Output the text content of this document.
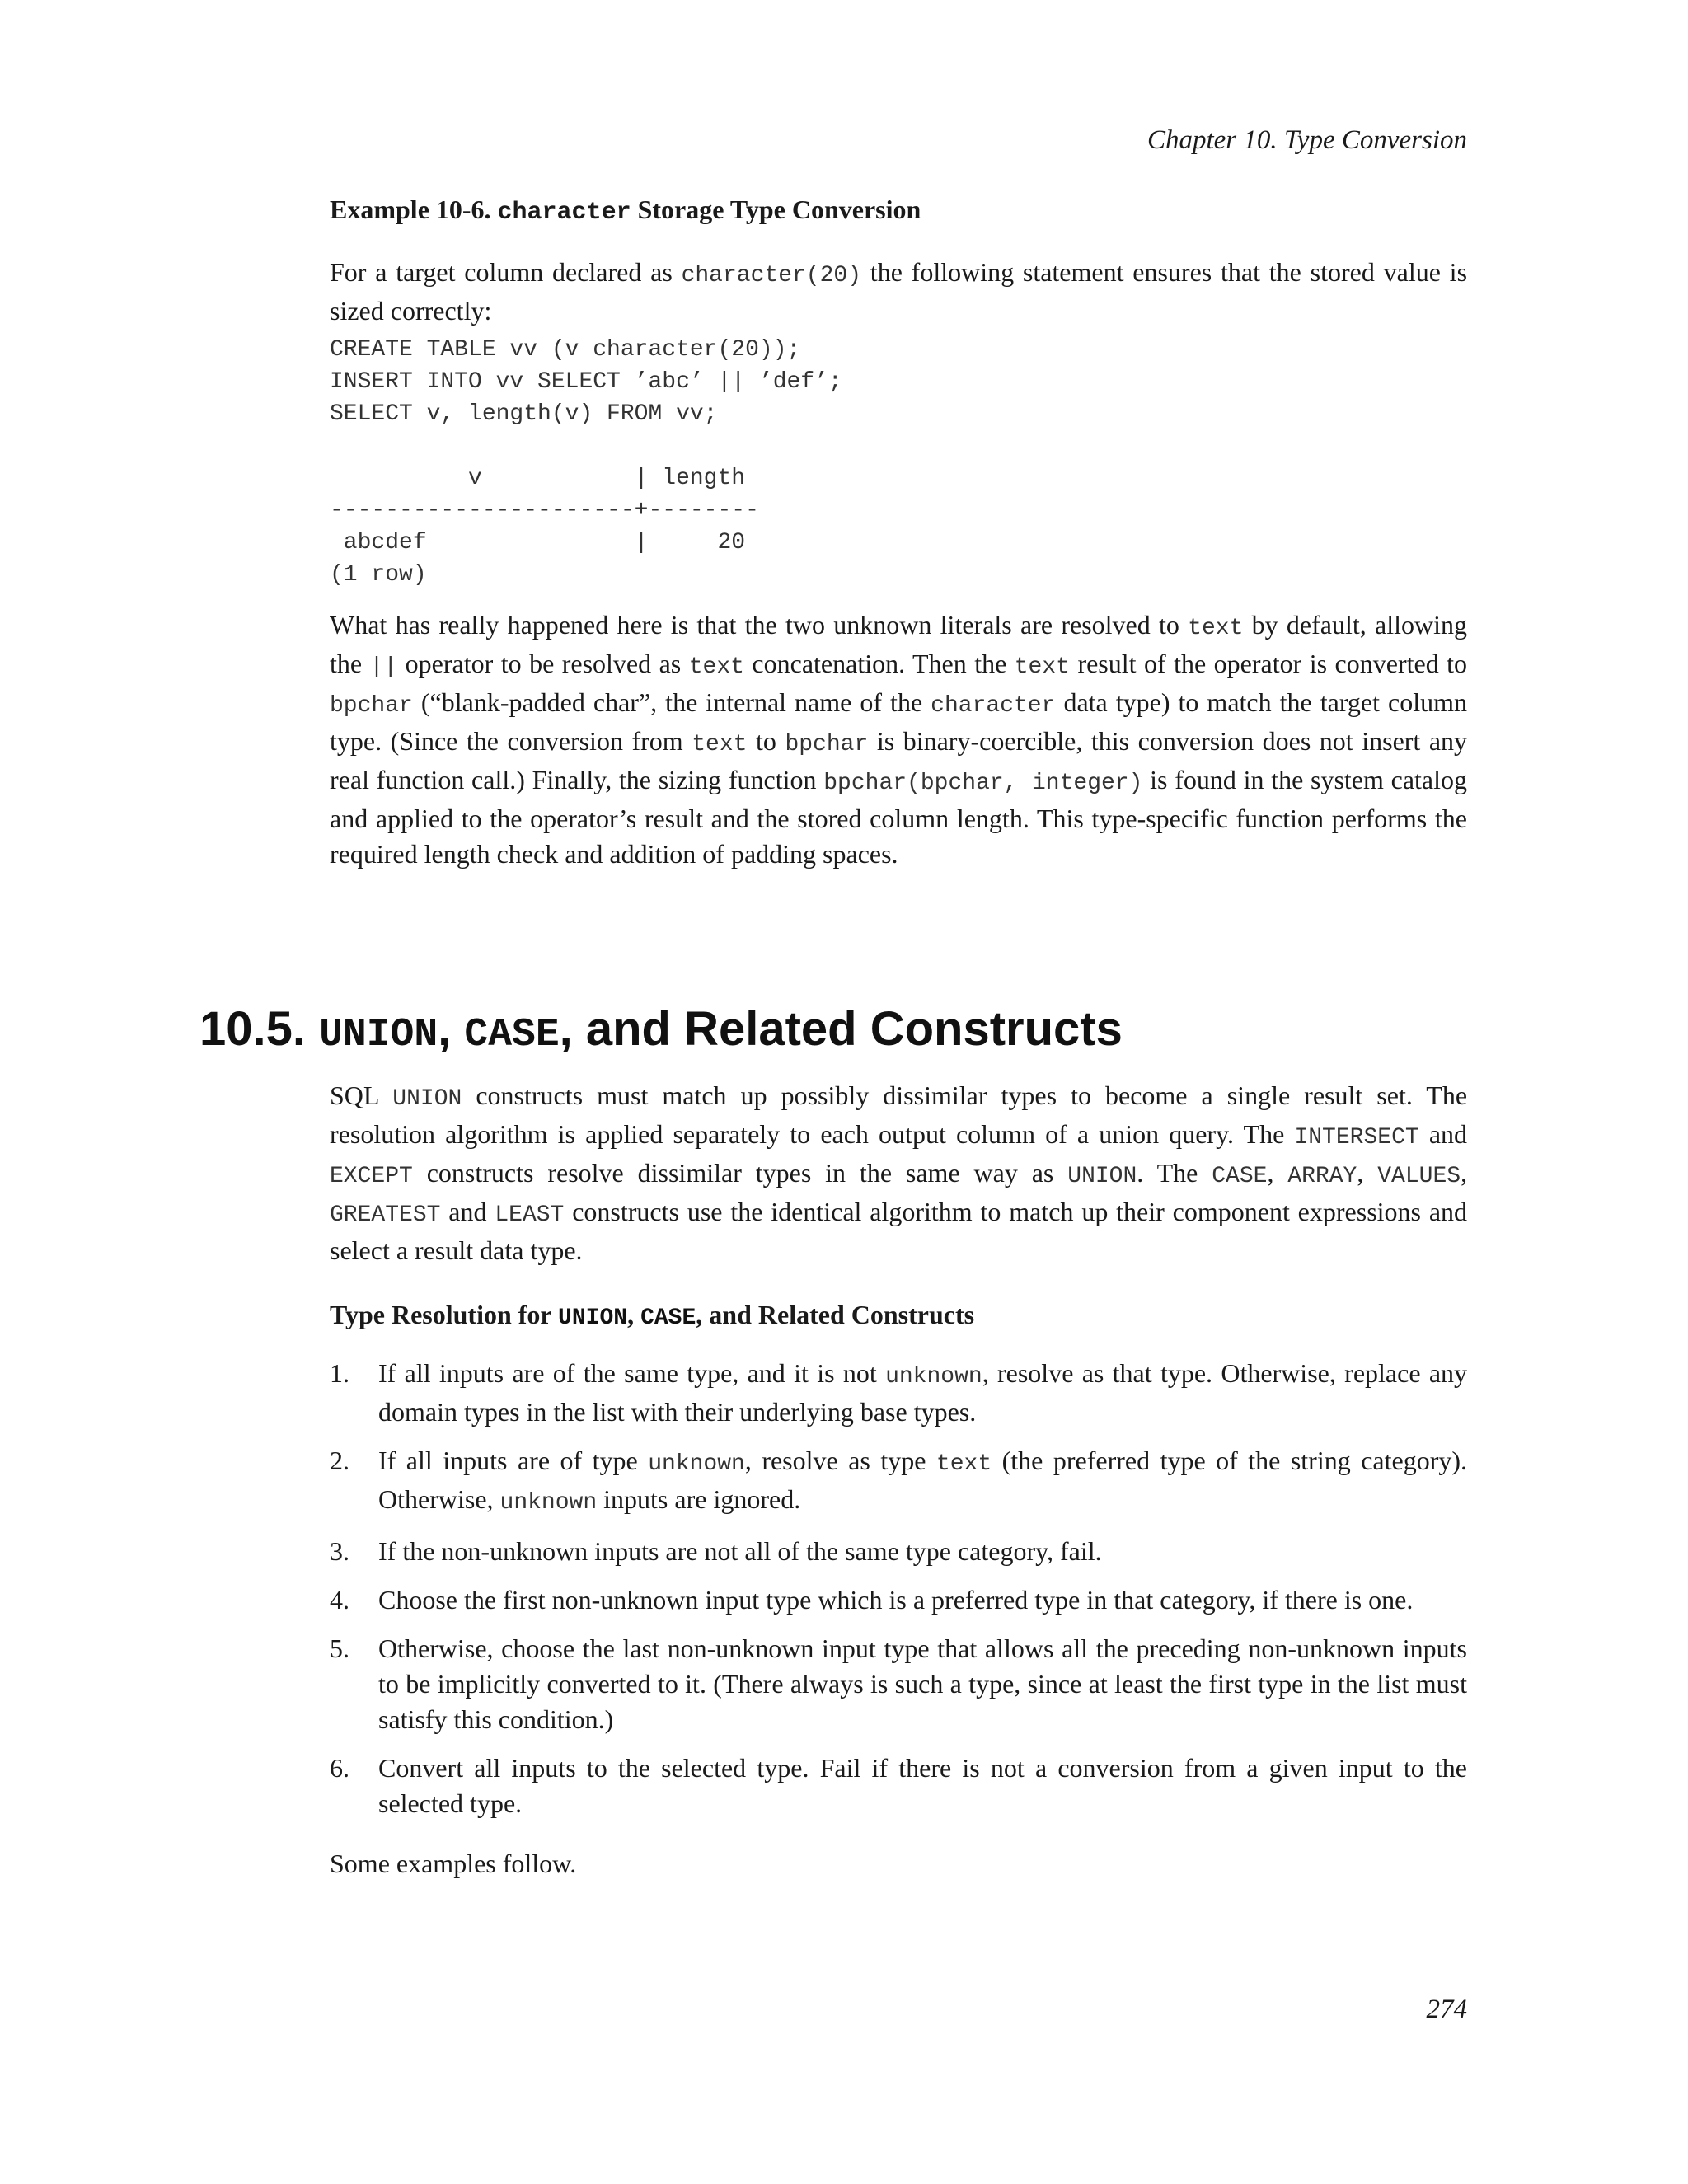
Chapter 10. Type Conversion
Example 10-6. character Storage Type Conversion

For a target column declared as character(20) the following statement ensures that the stored value is sized correctly:

CREATE TABLE vv (v character(20));
INSERT INTO vv SELECT ’abc’ || ’def’;
SELECT v, length(v) FROM vv;

v           | length
----------------------+--------
abcdef               |     20
(1 row)

What has really happened here is that the two unknown literals are resolved to text by default, allowing the || operator to be resolved as text concatenation. Then the text result of the operator is converted to bpchar (“blank-padded char”, the internal name of the character data type) to match the target column type. (Since the conversion from text to bpchar is binary-coercible, this conversion does not insert any real function call.) Finally, the sizing function bpchar(bpchar, integer) is found in the system catalog and applied to the operator’s result and the stored column length. This type-specific function performs the required length check and addition of padding spaces.

10.5. UNION, CASE, and Related Constructs

SQL UNION constructs must match up possibly dissimilar types to become a single result set. The resolution algorithm is applied separately to each output column of a union query. The INTERSECT and EXCEPT constructs resolve dissimilar types in the same way as UNION. The CASE, ARRAY, VALUES, GREATEST and LEAST constructs use the identical algorithm to match up their component expressions and select a result data type.

Type Resolution for UNION, CASE, and Related Constructs
1. If all inputs are of the same type, and it is not unknown, resolve as that type. Otherwise, replace any domain types in the list with their underlying base types.

2. If all inputs are of type unknown, resolve as type text (the preferred type of the string category). Otherwise, unknown inputs are ignored.

3. If the non-unknown inputs are not all of the same type category, fail.

4. Choose the first non-unknown input type which is a preferred type in that category, if there is one.

5. Otherwise, choose the last non-unknown input type that allows all the preceding non-unknown inputs to be implicitly converted to it. (There always is such a type, since at least the first type in the list must satisfy this condition.)

6. Convert all inputs to the selected type. Fail if there is not a conversion from a given input to the selected type.

Some examples follow.

274
